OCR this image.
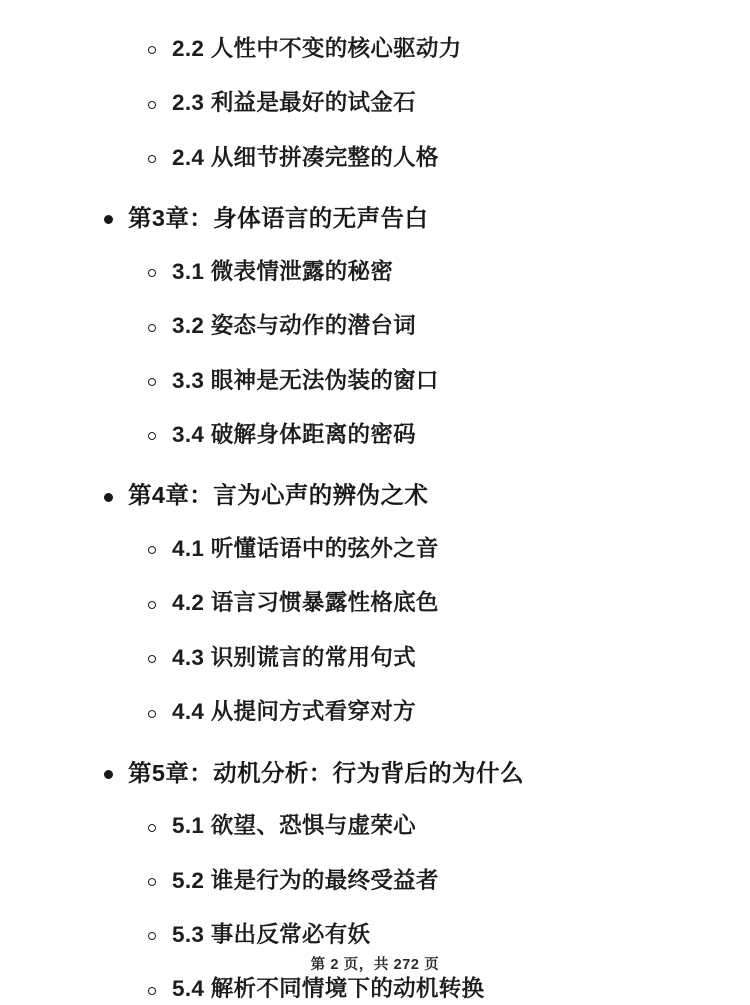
2.2 人性中不变的核心驱动力
2.3 利益是最好的试金石
2.4 从细节拼凑完整的人格
第3章：身体语言的无声告白
3.1 微表情泄露的秘密
3.2 姿态与动作的潜台词
3.3 眼神是无法伪装的窗口
3.4 破解身体距离的密码
第4章：言为心声的辨伪之术
4.1 听懂话语中的弦外之音
4.2 语言习惯暴露性格底色
4.3 识别谎言的常用句式
4.4 从提问方式看穿对方
第5章：动机分析：行为背后的为什么
5.1 欲望、恐惧与虚荣心
5.2 谁是行为的最终受益者
5.3 事出反常必有妖
5.4 解析不同情境下的动机转换
第 2 页，共 272 页
